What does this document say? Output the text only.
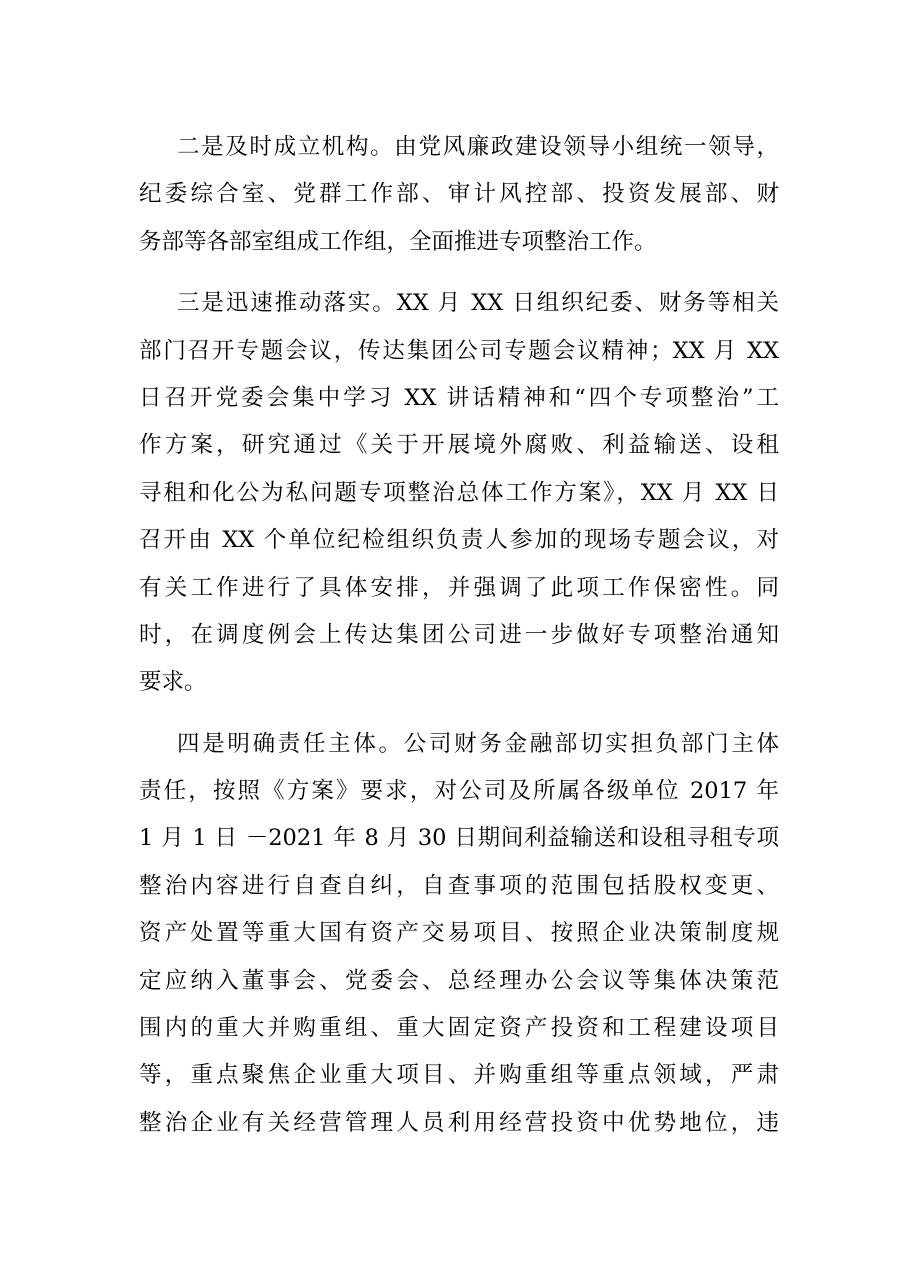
二是及时成立机构。由党风廉政建设领导小组统一领导，
纪委综合室、党群工作部、审计风控部、投资发展部、财
务部等各部室组成工作组，全面推进专项整治工作。
三是迅速推动落实。XX 月 XX 日组织纪委、财务等相关
部门召开专题会议，传达集团公司专题会议精神；XX 月 XX
日召开党委会集中学习 XX 讲话精神和“四个专项整治”工
作方案，研究通过《关于开展境外腐败、利益输送、设租
寻租和化公为私问题专项整治总体工作方案》，XX 月 XX 日
召开由 XX 个单位纪检组织负责人参加的现场专题会议，对
有关工作进行了具体安排，并强调了此项工作保密性。同
时，在调度例会上传达集团公司进一步做好专项整治通知
要求。
四是明确责任主体。公司财务金融部切实担负部门主体
责任，按照《方案》要求，对公司及所属各级单位 2017 年
1 月 1 日 －2021 年 8 月 30 日期间利益输送和设租寻租专项
整治内容进行自查自纠，自查事项的范围包括股权变更、
资产处置等重大国有资产交易项目、按照企业决策制度规
定应纳入董事会、党委会、总经理办公会议等集体决策范
围内的重大并购重组、重大固定资产投资和工程建设项目
等，重点聚焦企业重大项目、并购重组等重点领域，严肃
整治企业有关经营管理人员利用经营投资中优势地位，违
